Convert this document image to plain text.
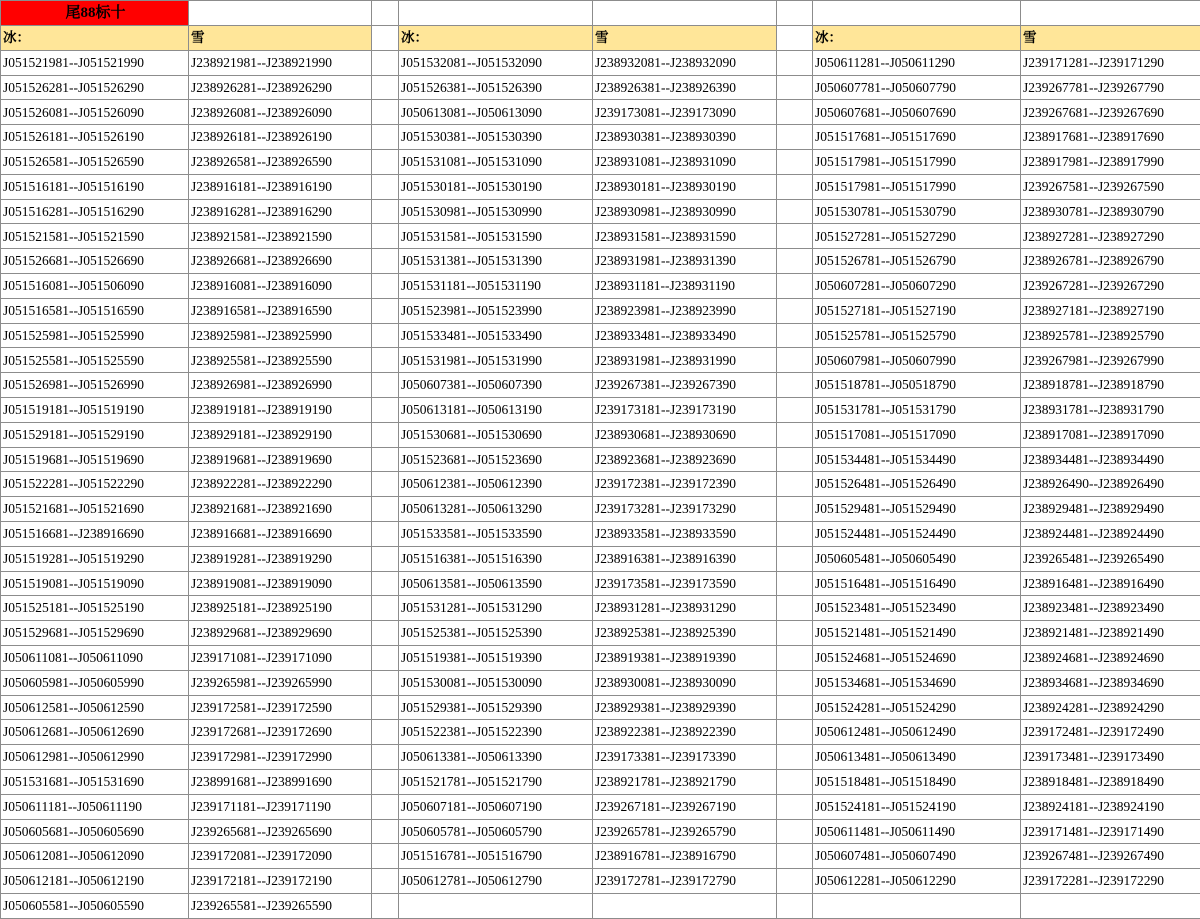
尾88标十							
冰：	雪		冰：	雪		冰：	雪
J051521981--J051521990	J238921981--J238921990		J051532081--J051532090	J238932081--J238932090		J050611281--J050611290	J239171281--J239171290
J051526281--J051526290	J238926281--J238926290		J051526381--J051526390	J238926381--J238926390		J050607781--J050607790	J239267781--J239267790
J051526081--J051526090	J238926081--J238926090		J050613081--J050613090	J239173081--J239173090		J050607681--J050607690	J239267681--J239267690
J051526181--J051526190	J238926181--J238926190		J051530381--J051530390	J238930381--J238930390		J051517681--J051517690	J238917681--J238917690
J051526581--J051526590	J238926581--J238926590		J051531081--J051531090	J238931081--J238931090		J051517981--J051517990	J238917981--J238917990
J051516181--J051516190	J238916181--J238916190		J051530181--J051530190	J238930181--J238930190		J051517981--J051517990	J239267581--J239267590
J051516281--J051516290	J238916281--J238916290		J051530981--J051530990	J238930981--J238930990		J051530781--J051530790	J238930781--J238930790
J051521581--J051521590	J238921581--J238921590		J051531581--J051531590	J238931581--J238931590		J051527281--J051527290	J238927281--J238927290
J051526681--J051526690	J238926681--J238926690		J051531381--J051531390	J238931981--J238931390		J051526781--J051526790	J238926781--J238926790
J051516081--J051506090	J238916081--J238916090		J051531181--J051531190	J238931181--J238931190		J050607281--J050607290	J239267281--J239267290
J051516581--J051516590	J238916581--J238916590		J051523981--J051523990	J238923981--J238923990		J051527181--J051527190	J238927181--J238927190
J051525981--J051525990	J238925981--J238925990		J051533481--J051533490	J238933481--J238933490		J051525781--J051525790	J238925781--J238925790
J051525581--J051525590	J238925581--J238925590		J051531981--J051531990	J238931981--J238931990		J050607981--J050607990	J239267981--J239267990
J051526981--J051526990	J238926981--J238926990		J050607381--J050607390	J239267381--J239267390		J051518781--J050518790	J238918781--J238918790
J051519181--J051519190	J238919181--J238919190		J050613181--J050613190	J239173181--J239173190		J051531781--J051531790	J238931781--J238931790
J051529181--J051529190	J238929181--J238929190		J051530681--J051530690	J238930681--J238930690		J051517081--J051517090	J238917081--J238917090
J051519681--J051519690	J238919681--J238919690		J051523681--J051523690	J238923681--J238923690		J051534481--J051534490	J238934481--J238934490
J051522281--J051522290	J238922281--J238922290		J050612381--J050612390	J239172381--J239172390		J051526481--J051526490	J238926490--J238926490
J051521681--J051521690	J238921681--J238921690		J050613281--J050613290	J239173281--J239173290		J051529481--J051529490	J238929481--J238929490
J051516681--J238916690	J238916681--J238916690		J051533581--J051533590	J238933581--J238933590		J051524481--J051524490	J238924481--J238924490
J051519281--J051519290	J238919281--J238919290		J051516381--J051516390	J238916381--J238916390		J050605481--J050605490	J239265481--J239265490
J051519081--J051519090	J238919081--J238919090		J050613581--J050613590	J239173581--J239173590		J051516481--J051516490	J238916481--J238916490
J051525181--J051525190	J238925181--J238925190		J051531281--J051531290	J238931281--J238931290		J051523481--J051523490	J238923481--J238923490
J051529681--J051529690	J238929681--J238929690		J051525381--J051525390	J238925381--J238925390		J051521481--J051521490	J238921481--J238921490
J050611081--J050611090	J239171081--J239171090		J051519381--J051519390	J238919381--J238919390		J051524681--J051524690	J238924681--J238924690
J050605981--J050605990	J239265981--J239265990		J051530081--J051530090	J238930081--J238930090		J051534681--J051534690	J238934681--J238934690
J050612581--J050612590	J239172581--J239172590		J051529381--J051529390	J238929381--J238929390		J051524281--J051524290	J238924281--J238924290
J050612681--J050612690	J239172681--J239172690		J051522381--J051522390	J238922381--J238922390		J050612481--J050612490	J239172481--J239172490
J050612981--J050612990	J239172981--J239172990		J050613381--J050613390	J239173381--J239173390		J050613481--J050613490	J239173481--J239173490
J051531681--J051531690	J238991681--J238991690		J051521781--J051521790	J238921781--J238921790		J051518481--J051518490	J238918481--J238918490
J050611181--J050611190	J239171181--J239171190		J050607181--J050607190	J239267181--J239267190		J051524181--J051524190	J238924181--J238924190
J050605681--J050605690	J239265681--J239265690		J050605781--J050605790	J239265781--J239265790		J050611481--J050611490	J239171481--J239171490
J050612081--J050612090	J239172081--J239172090		J051516781--J051516790	J238916781--J238916790		J050607481--J050607490	J239267481--J239267490
J050612181--J050612190	J239172181--J239172190		J050612781--J050612790	J239172781--J239172790		J050612281--J050612290	J239172281--J239172290
J050605581--J050605590	J239265581--J239265590						
